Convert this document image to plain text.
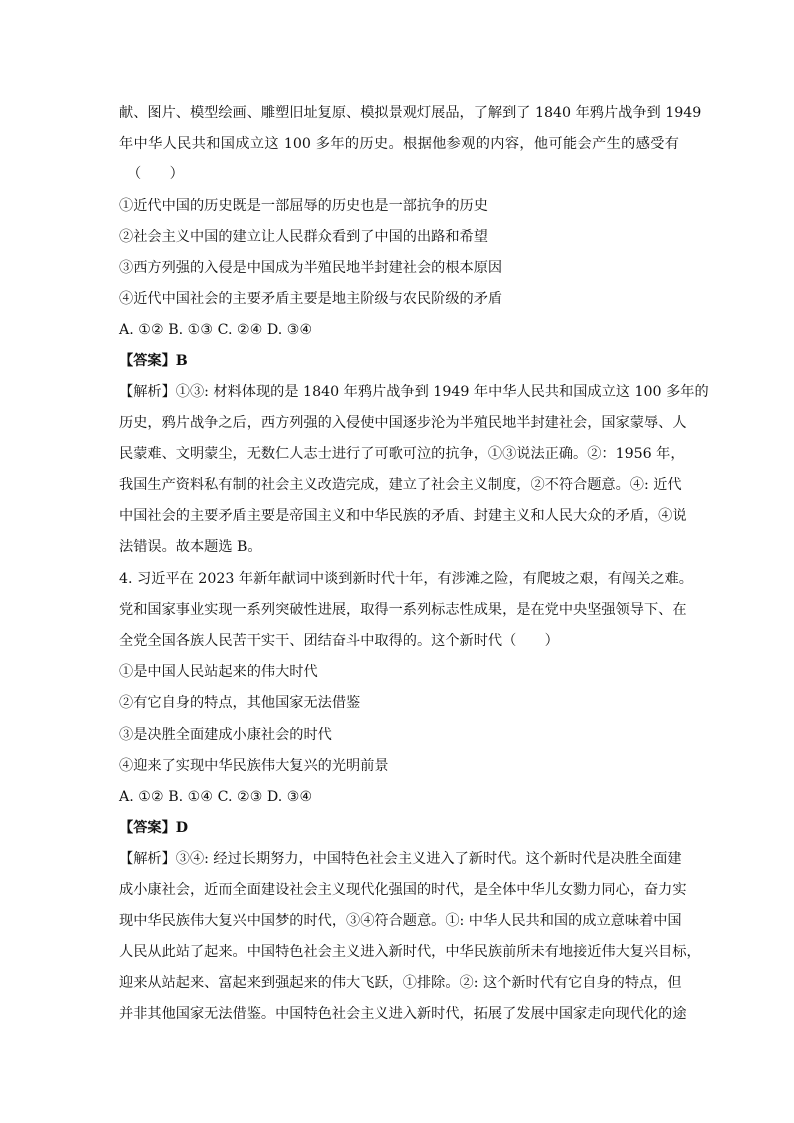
献、图片、模型绘画、雕塑旧址复原、模拟景观灯展品，了解到了 1840 年鸦片战争到 1949
年中华人民共和国成立这 100 多年的历史。根据他参观的内容，他可能会产生的感受有
（　　）
①近代中国的历史既是一部屈辱的历史也是一部抗争的历史
②社会主义中国的建立让人民群众看到了中国的出路和希望
③西方列强的入侵是中国成为半殖民地半封建社会的根本原因
④近代中国社会的主要矛盾主要是地主阶级与农民阶级的矛盾
A. ①② B. ①③ C. ②④ D. ③④
【答案】B
【解析】①③: 材料体现的是 1840 年鸦片战争到 1949 年中华人民共和国成立这 100 多年的
历史，鸦片战争之后，西方列强的入侵使中国逐步沦为半殖民地半封建社会，国家蒙辱、人
民蒙难、文明蒙尘，无数仁人志士进行了可歌可泣的抗争，①③说法正确。②：1956 年，
我国生产资料私有制的社会主义改造完成，建立了社会主义制度，②不符合题意。④: 近代
中国社会的主要矛盾主要是帝国主义和中华民族的矛盾、封建主义和人民大众的矛盾，④说
法错误。故本题选 B。
4. 习近平在 2023 年新年献词中谈到新时代十年，有涉滩之险，有爬坡之艰，有闯关之难。
党和国家事业实现一系列突破性进展，取得一系列标志性成果，是在党中央坚强领导下、在
全党全国各族人民苦干实干、团结奋斗中取得的。这个新时代（　　）
①是中国人民站起来的伟大时代
②有它自身的特点，其他国家无法借鉴
③是决胜全面建成小康社会的时代
④迎来了实现中华民族伟大复兴的光明前景
A. ①② B. ①④ C. ②③ D. ③④
【答案】D
【解析】③④: 经过长期努力，中国特色社会主义进入了新时代。这个新时代是决胜全面建
成小康社会，近而全面建设社会主义现代化强国的时代，是全体中华儿女勠力同心，奋力实
现中华民族伟大复兴中国梦的时代，③④符合题意。①: 中华人民共和国的成立意味着中国
人民从此站了起来。中国特色社会主义进入新时代，中华民族前所未有地接近伟大复兴目标，
迎来从站起来、富起来到强起来的伟大飞跃，①排除。②: 这个新时代有它自身的特点，但
并非其他国家无法借鉴。中国特色社会主义进入新时代，拓展了发展中国家走向现代化的途
